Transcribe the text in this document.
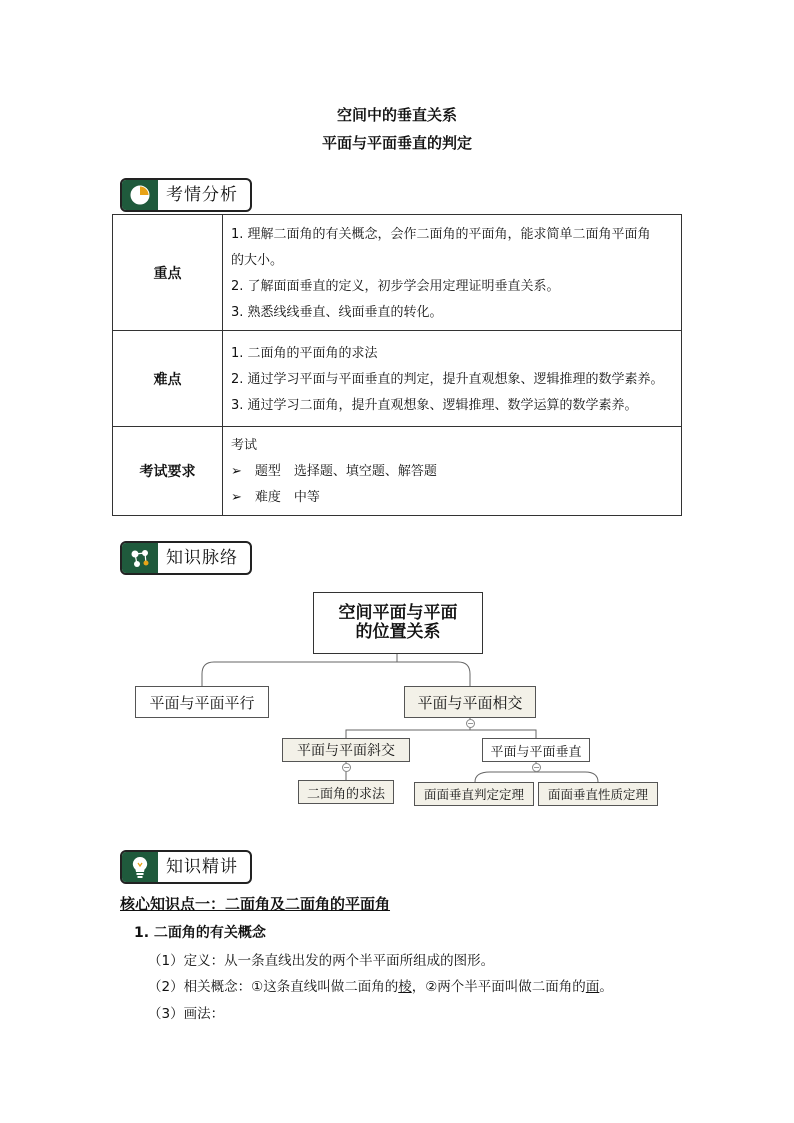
空间中的垂直关系
平面与平面垂直的判定
考情分析
重点	1. 理解二面角的有关概念，会作二面角的平面角，能求简单二面角平面角
的大小。
2. 了解面面垂直的定义，初步学会用定理证明垂直关系。
3. 熟悉线线垂直、线面垂直的转化。

难点	1. 二面角的平面角的求法
2. 通过学习平面与平面垂直的判定，提升直观想象、逻辑推理的数学素养。
3. 通过学习二面角，提升直观想象、逻辑推理、数学运算的数学素养。

考试要求	考试
➢　题型　选择题、填空题、解答题
➢　难度　中等
知识脉络
空间平面与平面
的位置关系
平面与平面平行	平面与平面相交
−
平面与平面斜交	平面与平面垂直
−	−
二面角的求法	面面垂直判定定理 面面垂直性质定理
知识精讲
核心知识点一：二面角及二面角的平面角
1. 二面角的有关概念
（1）定义：从一条直线出发的两个半平面所组成的图形。
（2）相关概念：①这条直线叫做二面角的棱，②两个半平面叫做二面角的面。
（3）画法：
